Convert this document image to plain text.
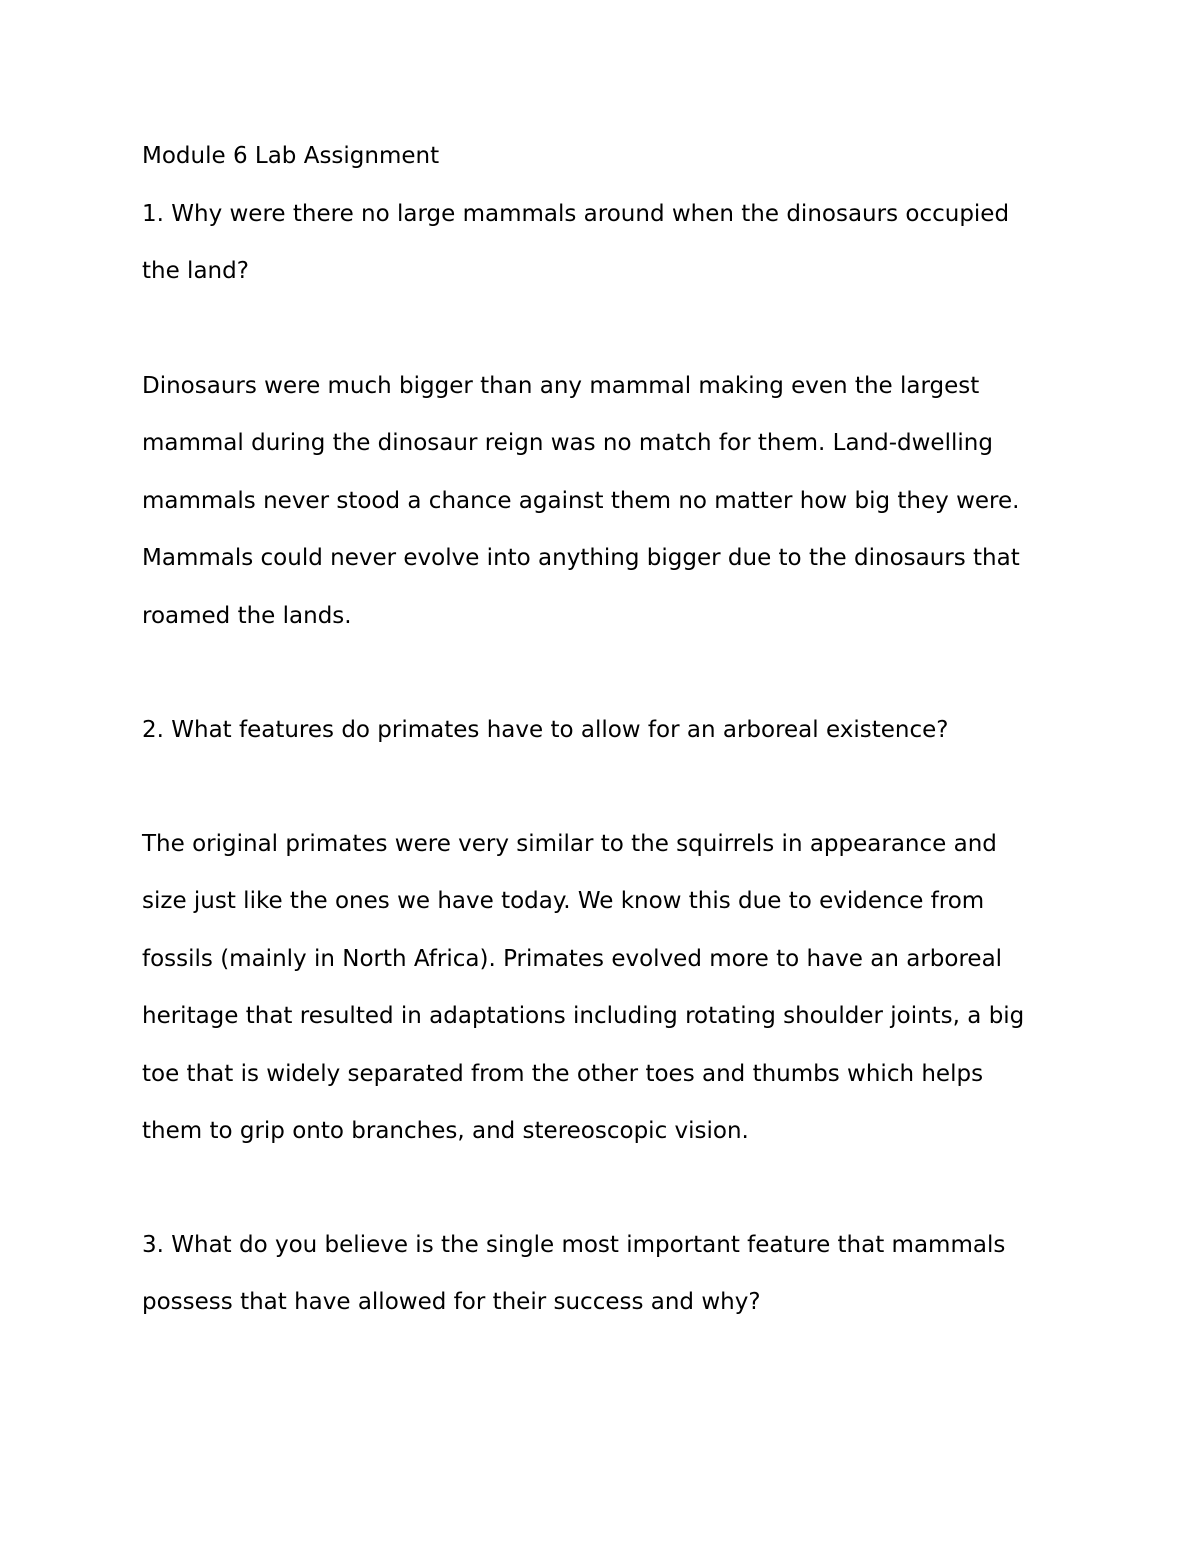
Module 6 Lab Assignment
1. Why were there no large mammals around when the dinosaurs occupied
the land?
Dinosaurs were much bigger than any mammal making even the largest
mammal during the dinosaur reign was no match for them. Land-dwelling
mammals never stood a chance against them no matter how big they were.
Mammals could never evolve into anything bigger due to the dinosaurs that
roamed the lands.
2. What features do primates have to allow for an arboreal existence?
The original primates were very similar to the squirrels in appearance and
size just like the ones we have today. We know this due to evidence from
fossils (mainly in North Africa). Primates evolved more to have an arboreal
heritage that resulted in adaptations including rotating shoulder joints, a big
toe that is widely separated from the other toes and thumbs which helps
them to grip onto branches, and stereoscopic vision.
3. What do you believe is the single most important feature that mammals
possess that have allowed for their success and why?
